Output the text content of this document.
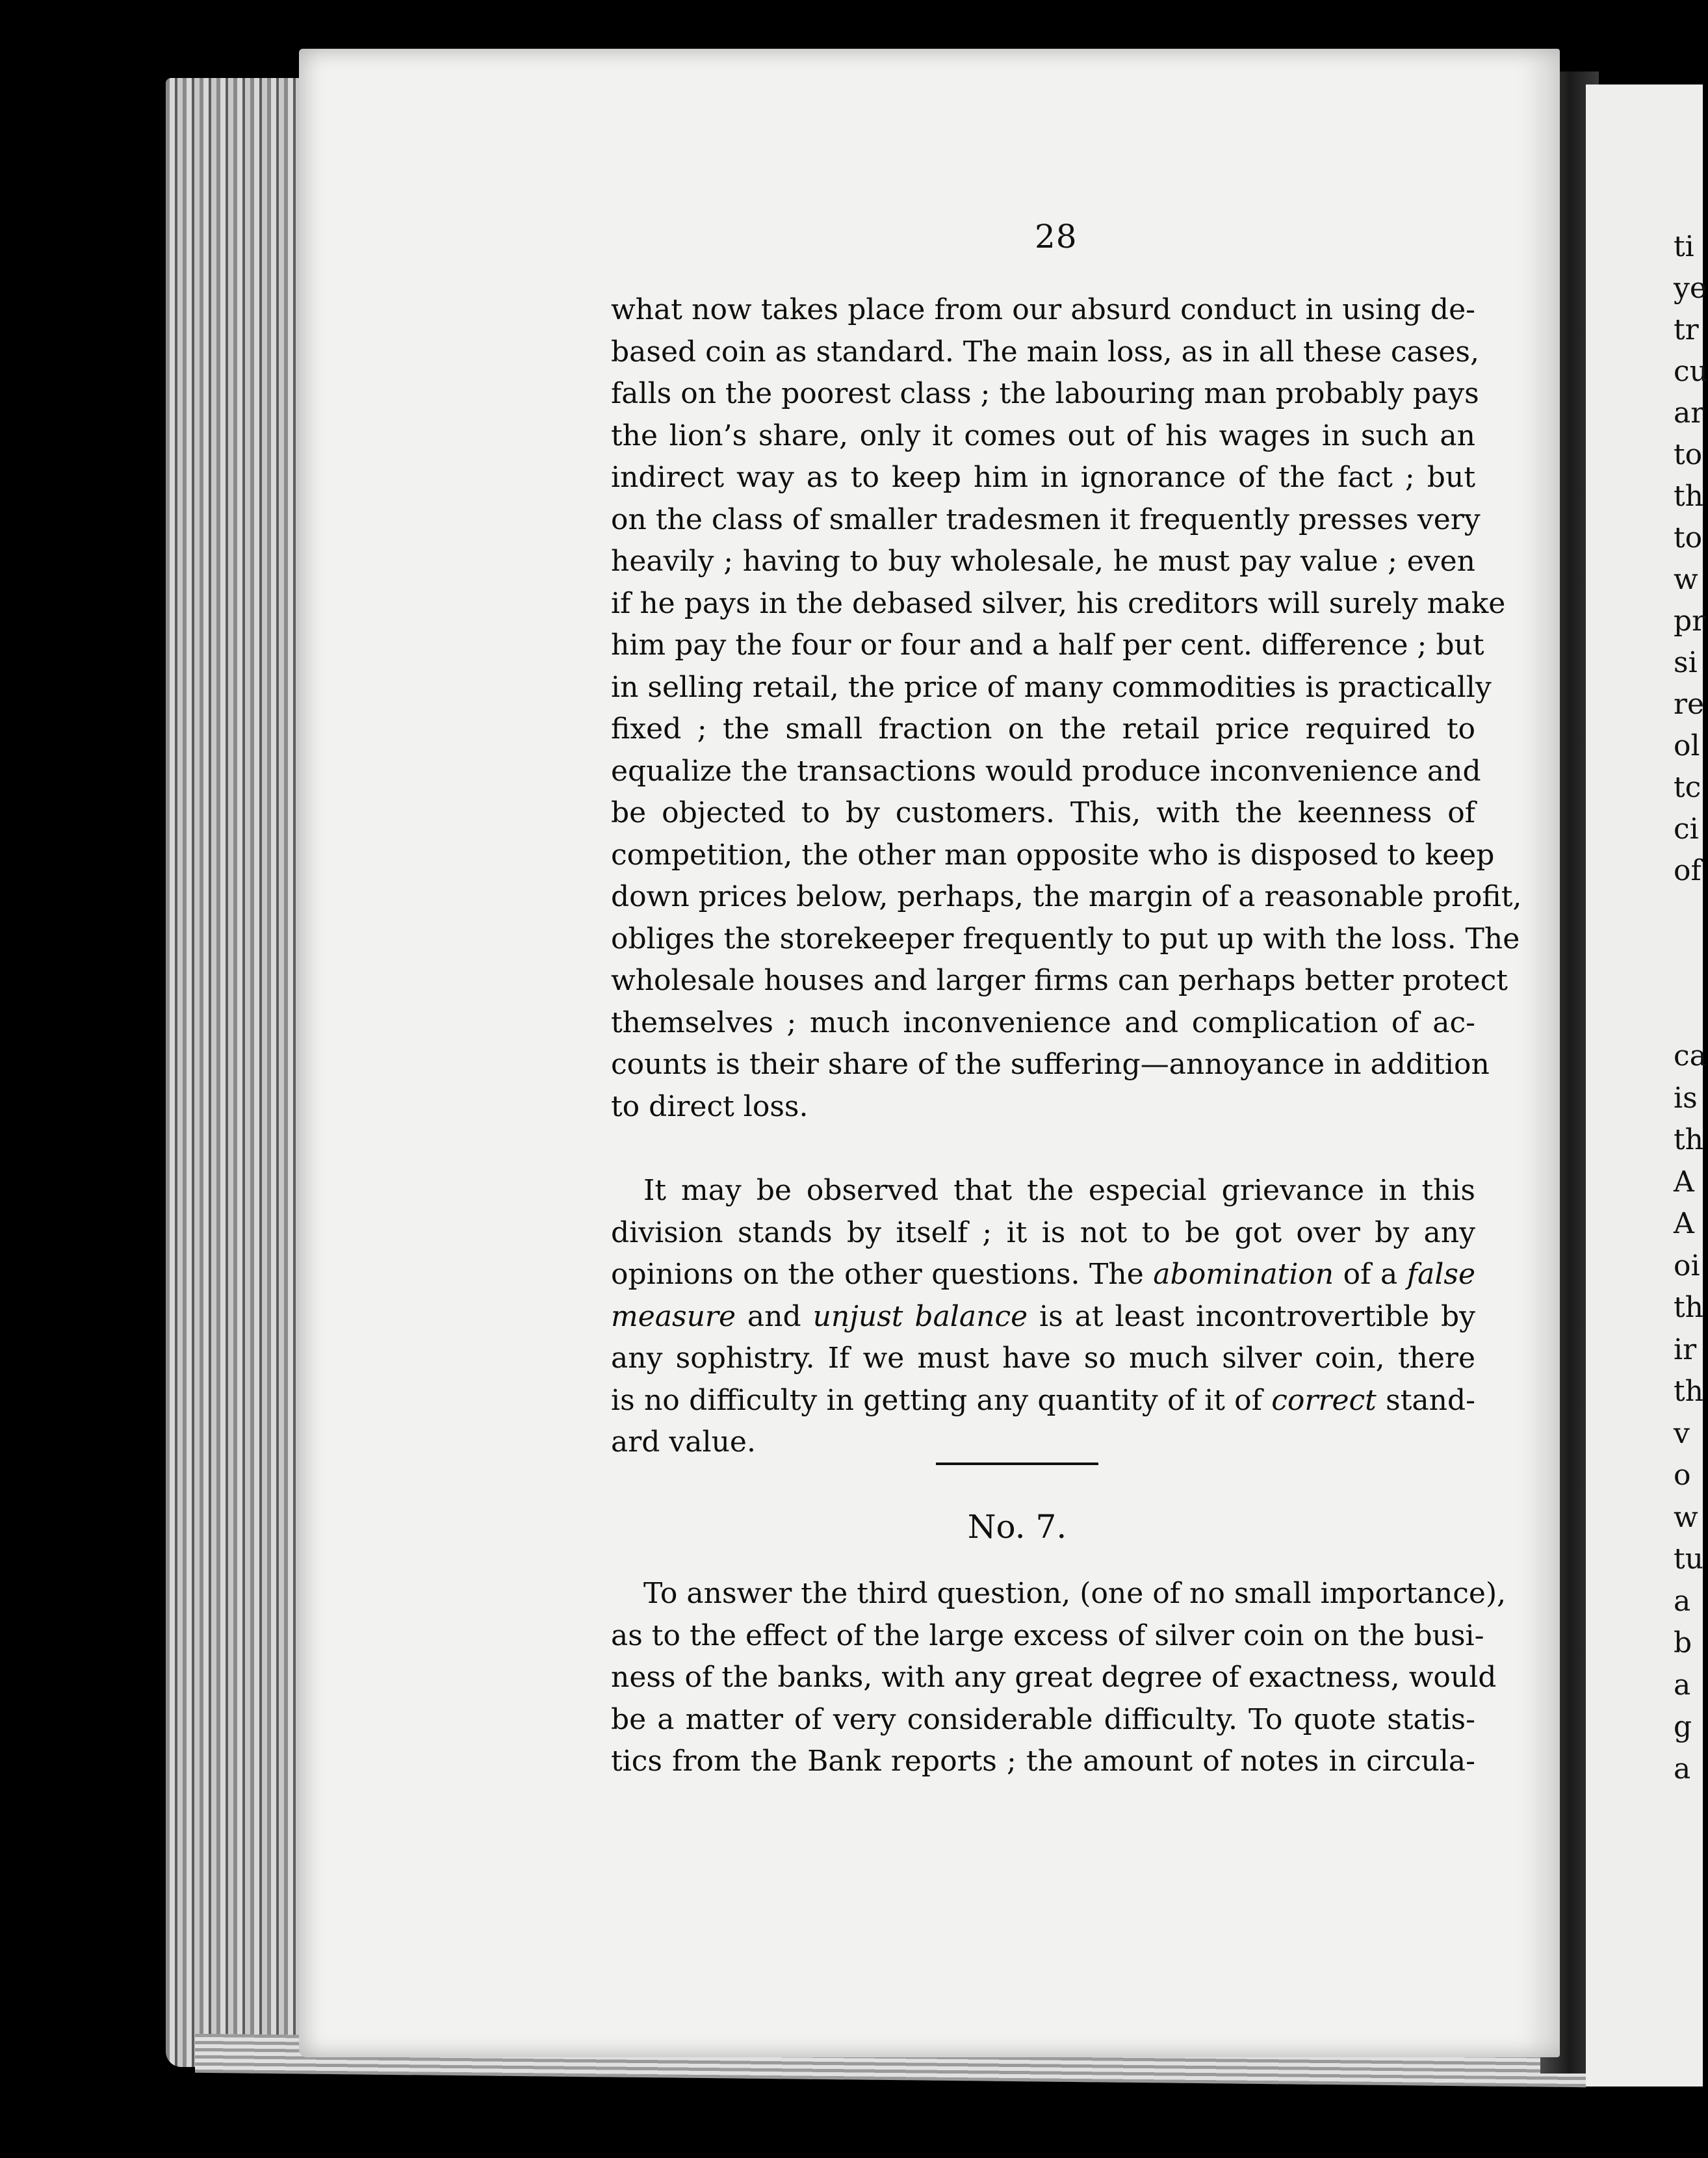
ti
ye
tr
cu
ar
to
th
to
w
pr
si
re
ol
tc
ci
of
ca
is
th
A
A
oi
th
ir
th
v
o
w
tu
a
b
a
g
a
28
what now takes place from our absurd conduct in using de-
based coin as standard. The main loss, as in all these cases,
falls on the poorest class ; the labouring man probably pays
the lion’s share, only it comes out of his wages in such an
indirect way as to keep him in ignorance of the fact ; but
on the class of smaller tradesmen it frequently presses very
heavily ; having to buy wholesale, he must pay value ; even
if he pays in the debased silver, his creditors will surely make
him pay the four or four and a half per cent. difference ; but
in selling retail, the price of many commodities is practically
fixed ; the small fraction on the retail price required to
equalize the transactions would produce inconvenience and
be objected to by customers. This, with the keenness of
competition, the other man opposite who is disposed to keep
down prices below, perhaps, the margin of a reasonable profit,
obliges the storekeeper frequently to put up with the loss. The
wholesale houses and larger firms can perhaps better protect
themselves ; much inconvenience and complication of ac-
counts is their share of the suffering—annoyance in addition
to direct loss.
It may be observed that the especial grievance in this
division stands by itself ; it is not to be got over by any
opinions on the other questions. The abomination of a false
measure and unjust balance is at least incontrovertible by
any sophistry. If we must have so much silver coin, there
is no difficulty in getting any quantity of it of correct stand-
ard value.
No. 7.
To answer the third question, (one of no small importance),
as to the effect of the large excess of silver coin on the busi-
ness of the banks, with any great degree of exactness, would
be a matter of very considerable difficulty. To quote statis-
tics from the Bank reports ; the amount of notes in circula-
